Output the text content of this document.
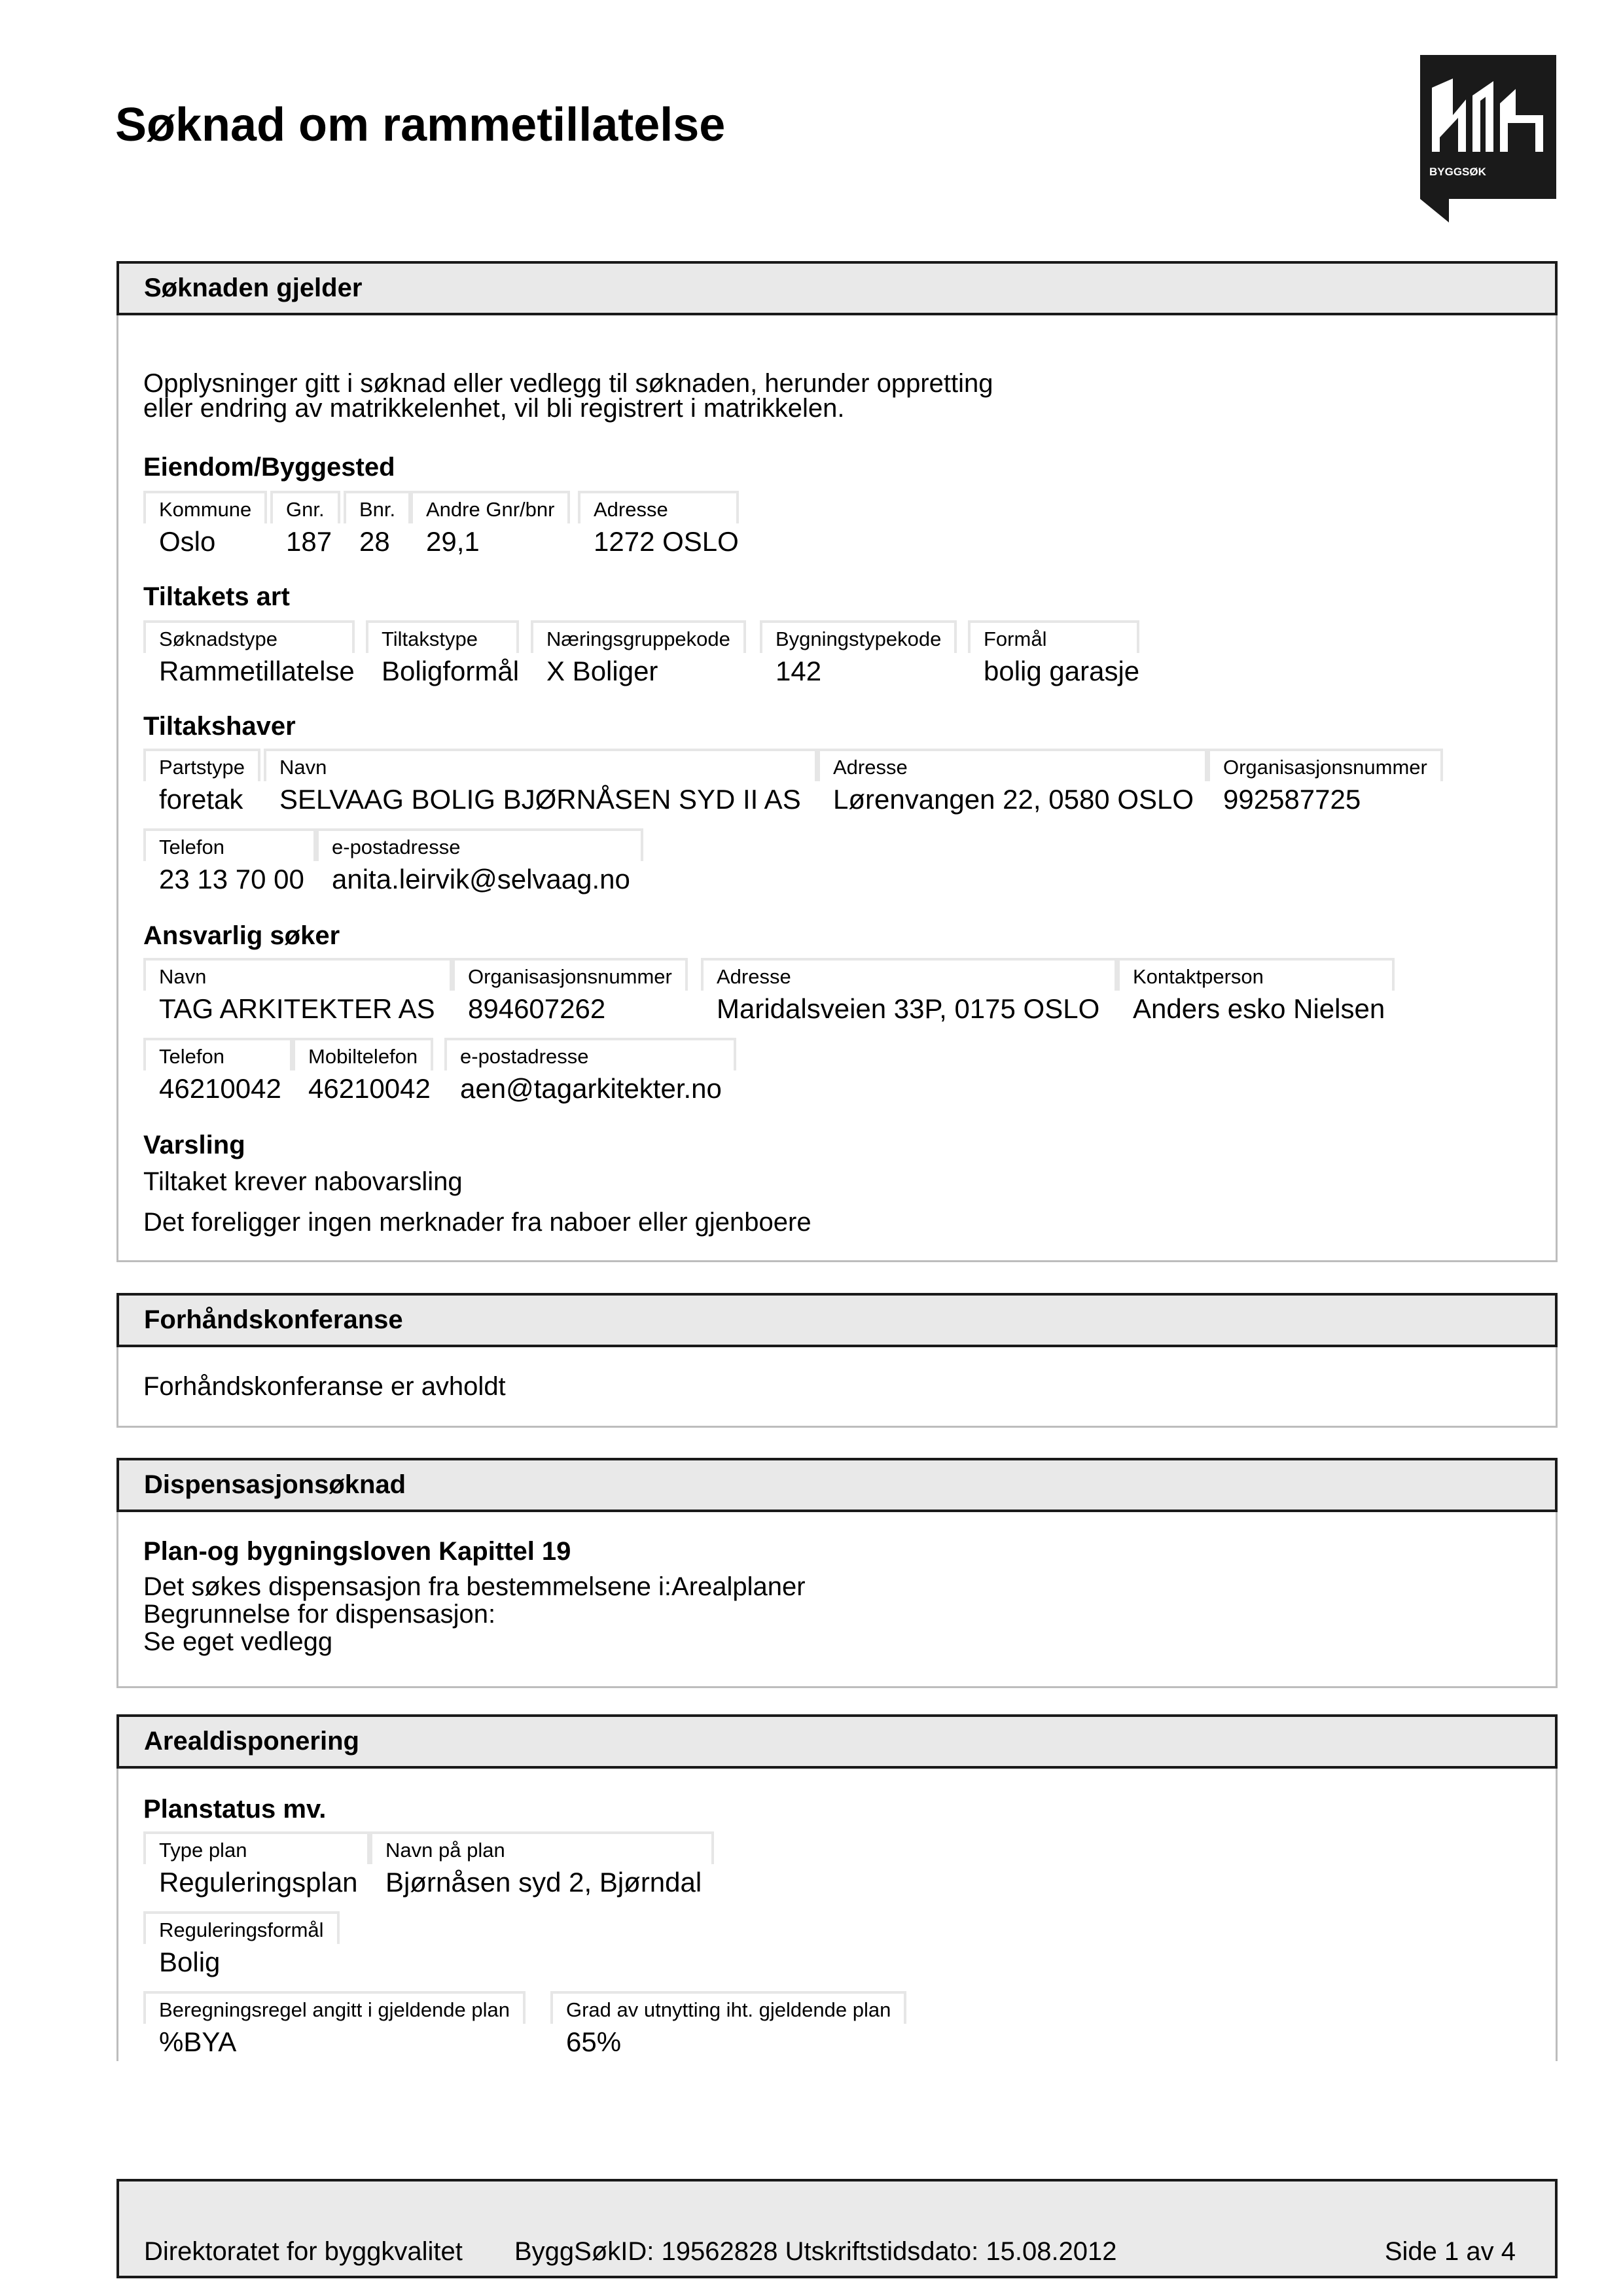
Søknad om rammetillatelse
BYGGSØK
Søknaden gjelder
Opplysninger gitt i søknad eller vedlegg til søknaden, herunder oppretting
eller endring av matrikkelenhet, vil bli registrert i matrikkelen.
Eiendom/Byggested
Kommune
Oslo
Gnr.
187
Bnr.
28
Andre Gnr/bnr
29,1
Adresse
1272 OSLO
Tiltakets art
Søknadstype
Rammetillatelse
Tiltakstype
Boligformål
Næringsgruppekode
X Boliger
Bygningstypekode
142
Formål
bolig garasje
Tiltakshaver
Partstype
foretak
Navn
SELVAAG BOLIG BJØRNÅSEN SYD II AS
Adresse
Lørenvangen 22, 0580 OSLO
Organisasjonsnummer
992587725
Telefon
23 13 70 00
e-postadresse
anita.leirvik@selvaag.no
Ansvarlig søker
Navn
TAG ARKITEKTER AS
Organisasjonsnummer
894607262
Adresse
Maridalsveien 33P, 0175 OSLO
Kontaktperson
Anders esko Nielsen
Telefon
46210042
Mobiltelefon
46210042
e-postadresse
aen@tagarkitekter.no
Varsling
Tiltaket krever nabovarsling
Det foreligger ingen merknader fra naboer eller gjenboere
Forhåndskonferanse
Forhåndskonferanse er avholdt
Dispensasjonsøknad
Plan-og bygningsloven Kapittel 19
Det søkes dispensasjon fra bestemmelsene i:Arealplaner
Begrunnelse for dispensasjon:
Se eget vedlegg
Arealdisponering
Planstatus mv.
Type plan
Reguleringsplan
Navn på plan
Bjørnåsen syd 2, Bjørndal
Reguleringsformål
Bolig
Beregningsregel angitt i gjeldende plan
%BYA
Grad av utnytting iht. gjeldende plan
65%
Direktoratet for byggkvalitet ByggSøkID: 19562828 Utskriftstidsdato: 15.08.2012	Side 1 av 4
